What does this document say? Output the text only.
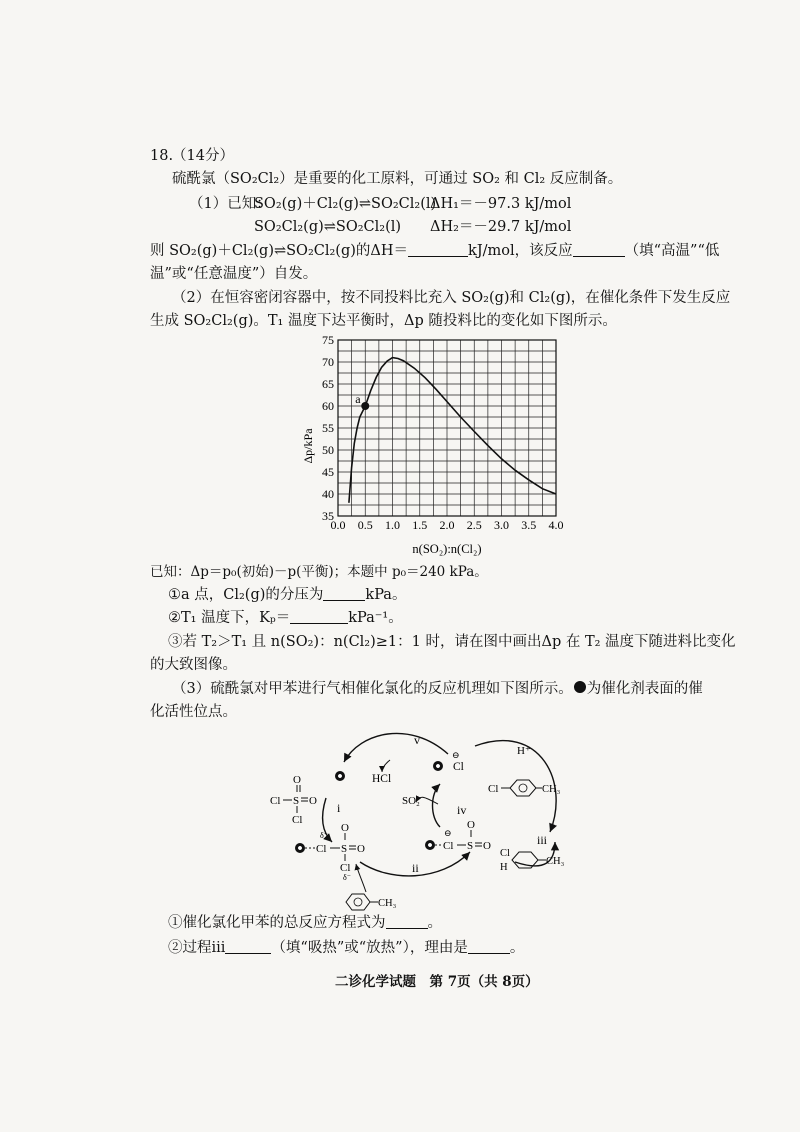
18.
（14分）
硫酰氯（SO₂Cl₂）是重要的化工原料，可通过 SO₂ 和 Cl₂ 反应制备。
（1）已知：
SO₂(g)＋Cl₂(g)⇌SO₂Cl₂(l)
ΔH₁＝－97.3 kJ/mol
SO₂Cl₂(g)⇌SO₂Cl₂(l) ΔH₂＝－29.7 kJ/mol
则 SO₂(g)＋Cl₂(g)⇌SO₂Cl₂(g)的ΔH＝	kJ/mol，该反应	（填“高温”“低
温”或“任意温度”）自发。
（2）在恒容密闭容器中，按不同投料比充入 SO₂(g)和 Cl₂(g)，在催化条件下发生反应
生成 SO₂Cl₂(g)。T₁ 温度下达平衡时，Δp 随投料比的变化如下图所示。
0.0 0.5 1.0 1.5 2.0 2.5 3.0 3.5 4.0
35
40
45
50
55
60
65
70
75
Δp/kPa
n(SO₂):n(Cl₂)
a
已知：Δp＝p₀(初始)－p(平衡)；本题中 p₀＝240 kPa。
①a 点，Cl₂(g)的分压为	kPa。
②T₁ 温度下，Kₚ＝	kPa⁻¹。
③若 T₂＞T₁ 且 n(SO₂)：n(Cl₂)≥1：1 时，请在图中画出Δp 在 T₂ 温度下随进料比变化
的大致图像。
（3）硫酰氯对甲苯进行气相催化氯化的反应机理如下图所示。 为催化剂表面的催
化活性位点。
v
i	iv
ii
iii
HCl
SO₂
H⁺
Cl
⊖
Cl S
O
O
Cl
Cl
δ⁻
S
O
O
Cl
δ⁻
Cl
⊖
S
O
O
Cl	CH₃
Cl
H
CH₃
CH₃
①催化氯化甲苯的总反应方程式为	。
②过程iii	（填“吸热”或“放热”），理由是	。
二诊化学试题　第 7页（共 8页）
